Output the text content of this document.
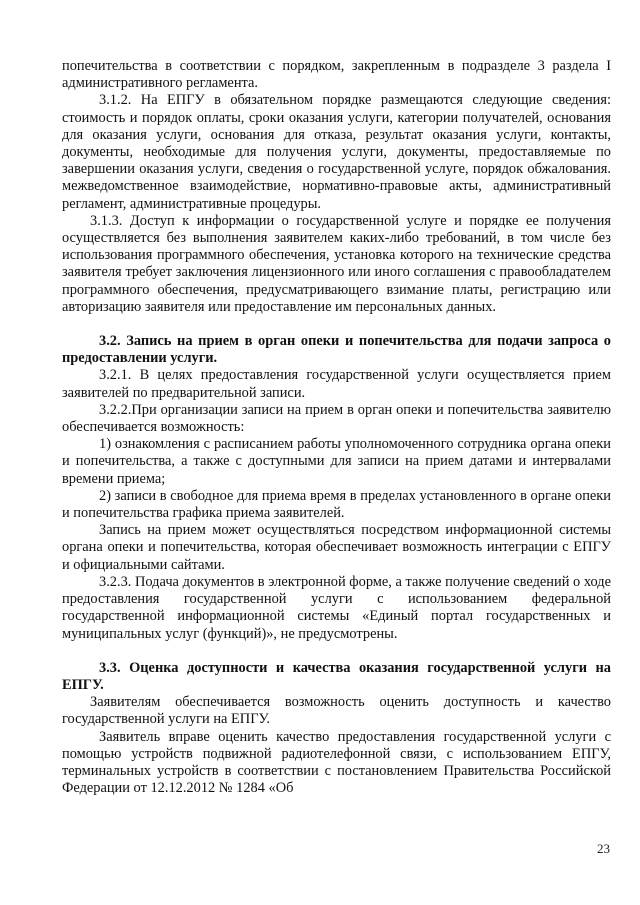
попечительства в соответствии с порядком, закрепленным в подразделе 3 раздела I административного регламента.

3.1.2. На ЕПГУ в обязательном порядке размещаются следующие сведения: стоимость и порядок оплаты, сроки оказания услуги, категории получателей, основания для оказания услуги, основания для отказа, результат оказания услуги, контакты, документы, необходимые для получения услуги, документы, предоставляемые по завершении оказания услуги, сведения о государственной услуге, порядок обжалования. межведомственное взаимодействие, нормативно-правовые акты, административный регламент, административные процедуры.

3.1.3. Доступ к информации о государственной услуге и порядке ее получения осуществляется без выполнения заявителем каких-либо требований, в том числе без использования программного обеспечения, установка которого на технические средства заявителя требует заключения лицензионного или иного соглашения с правообладателем программного обеспечения, предусматривающего взимание платы, регистрацию или авторизацию заявителя или предоставление им персональных данных.

3.2. Запись на прием в орган опеки и попечительства для подачи запроса о предоставлении услуги.

3.2.1. В целях предоставления государственной услуги осуществляется прием заявителей по предварительной записи.

3.2.2.При организации записи на прием в орган опеки и попечительства заявителю обеспечивается возможность:

1) ознакомления с расписанием работы уполномоченного сотрудника органа опеки и попечительства, а также с доступными для записи на прием датами и интервалами времени приема;

2) записи в свободное для приема время в пределах установленного в органе опеки и попечительства графика приема заявителей.

Запись на прием может осуществляться посредством информационной системы органа опеки и попечительства, которая обеспечивает возможность интеграции с ЕПГУ и официальными сайтами.

3.2.3. Подача документов в электронной форме, а также получение сведений о ходе предоставления государственной услуги с использованием федеральной государственной информационной системы «Единый портал государственных и муниципальных услуг (функций)», не предусмотрены.

3.3. Оценка доступности и качества оказания государственной услуги на ЕПГУ.

Заявителям обеспечивается возможность оценить доступность и качество государственной услуги на ЕПГУ.

Заявитель вправе оценить качество предоставления государственной услуги с помощью устройств подвижной радиотелефонной связи, с использованием ЕПГУ, терминальных устройств в соответствии с постановлением Правительства Российской Федерации от 12.12.2012 № 1284 «Об

23
